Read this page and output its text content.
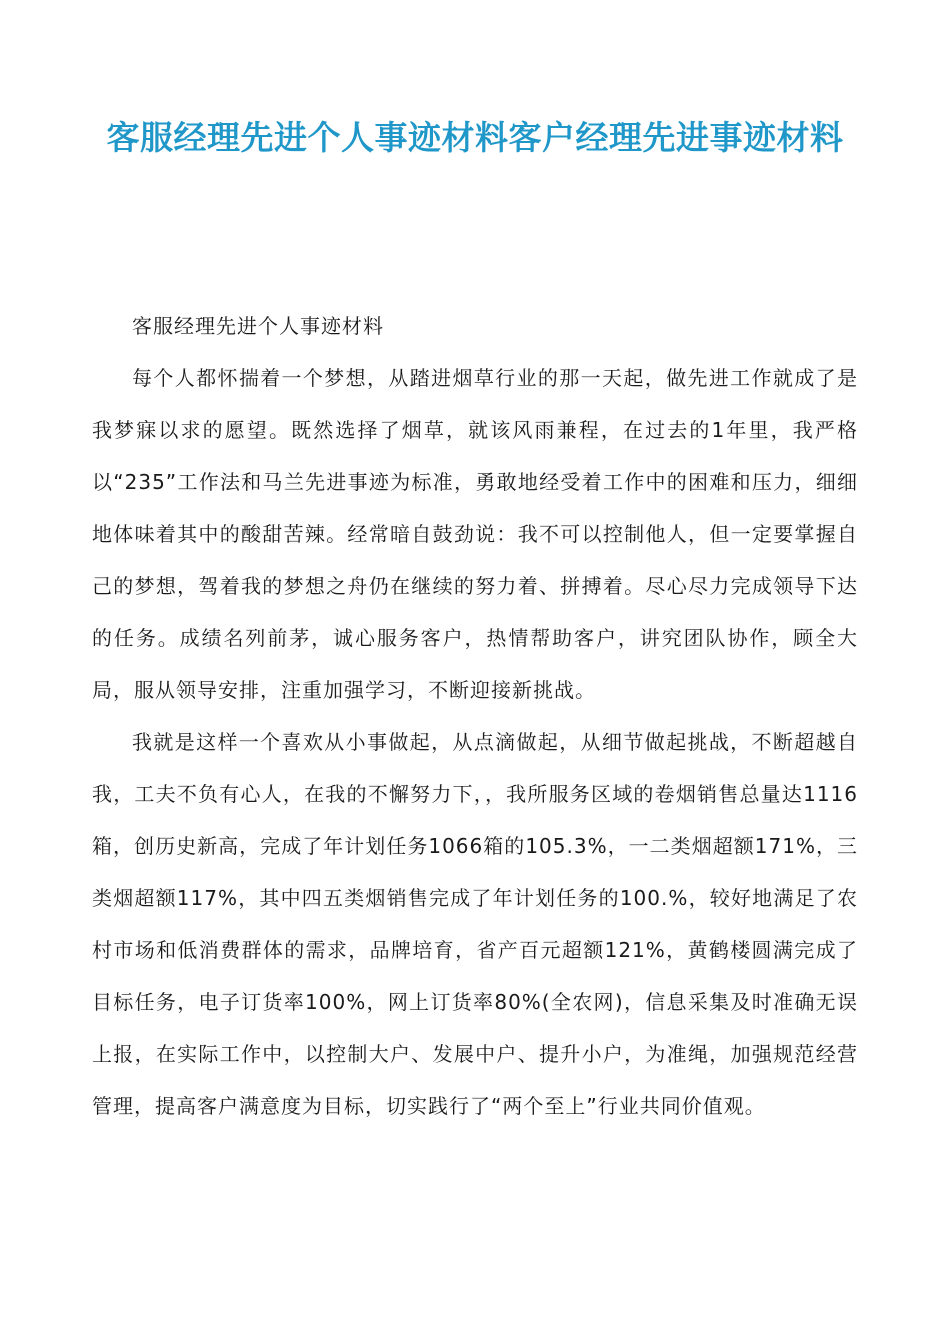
客服经理先进个人事迹材料客户经理先进事迹材料

客服经理先进个人事迹材料

每个人都怀揣着一个梦想，从踏进烟草行业的那一天起，做先进工作就成了是我梦寐以求的愿望。既然选择了烟草，就该风雨兼程，在过去的1年里，我严格以“235”工作法和马兰先进事迹为标准，勇敢地经受着工作中的困难和压力，细细地体味着其中的酸甜苦辣。经常暗自鼓劲说：我不可以控制他人，但一定要掌握自己的梦想，驾着我的梦想之舟仍在继续的努力着、拼搏着。尽心尽力完成领导下达的任务。成绩名列前茅，诚心服务客户，热情帮助客户，讲究团队协作，顾全大局，服从领导安排，注重加强学习，不断迎接新挑战。

我就是这样一个喜欢从小事做起，从点滴做起，从细节做起挑战，不断超越自我，工夫不负有心人，在我的不懈努力下，，我所服务区域的卷烟销售总量达1116箱，创历史新高，完成了年计划任务1066箱的105.3%，一二类烟超额171%，三类烟超额117%，其中四五类烟销售完成了年计划任务的100.%，较好地满足了农村市场和低消费群体的需求，品牌培育，省产百元超额121%，黄鹤楼圆满完成了目标任务，电子订货率100%，网上订货率80%(全农网)，信息采集及时准确无误上报，在实际工作中，以控制大户、发展中户、提升小户，为准绳，加强规范经营管理，提高客户满意度为目标，切实践行了“两个至上”行业共同价值观。
